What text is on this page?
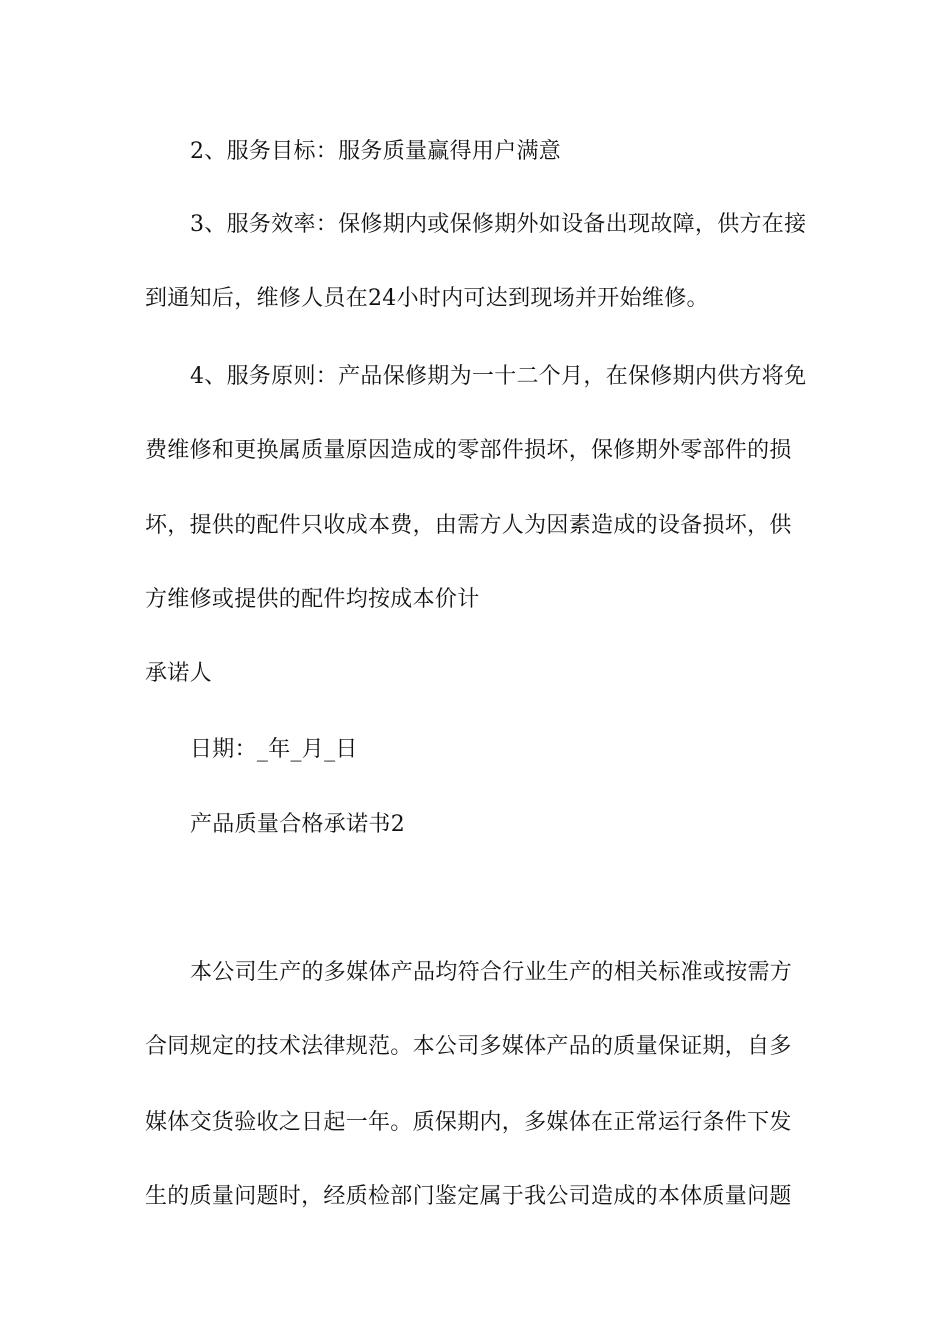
2、服务目标：服务质量赢得用户满意
3、服务效率：保修期内或保修期外如设备出现故障，供方在接
到通知后，维修人员在24小时内可达到现场并开始维修。
4、服务原则：产品保修期为一十二个月，在保修期内供方将免
费维修和更换属质量原因造成的零部件损坏，保修期外零部件的损
坏，提供的配件只收成本费，由需方人为因素造成的设备损坏，供
方维修或提供的配件均按成本价计
承诺人
日期：_年_月_日
产品质量合格承诺书2
本公司生产的多媒体产品均符合行业生产的相关标准或按需方
合同规定的技术法律规范。本公司多媒体产品的质量保证期，自多
媒体交货验收之日起一年。质保期内，多媒体在正常运行条件下发
生的质量问题时，经质检部门鉴定属于我公司造成的本体质量问题
